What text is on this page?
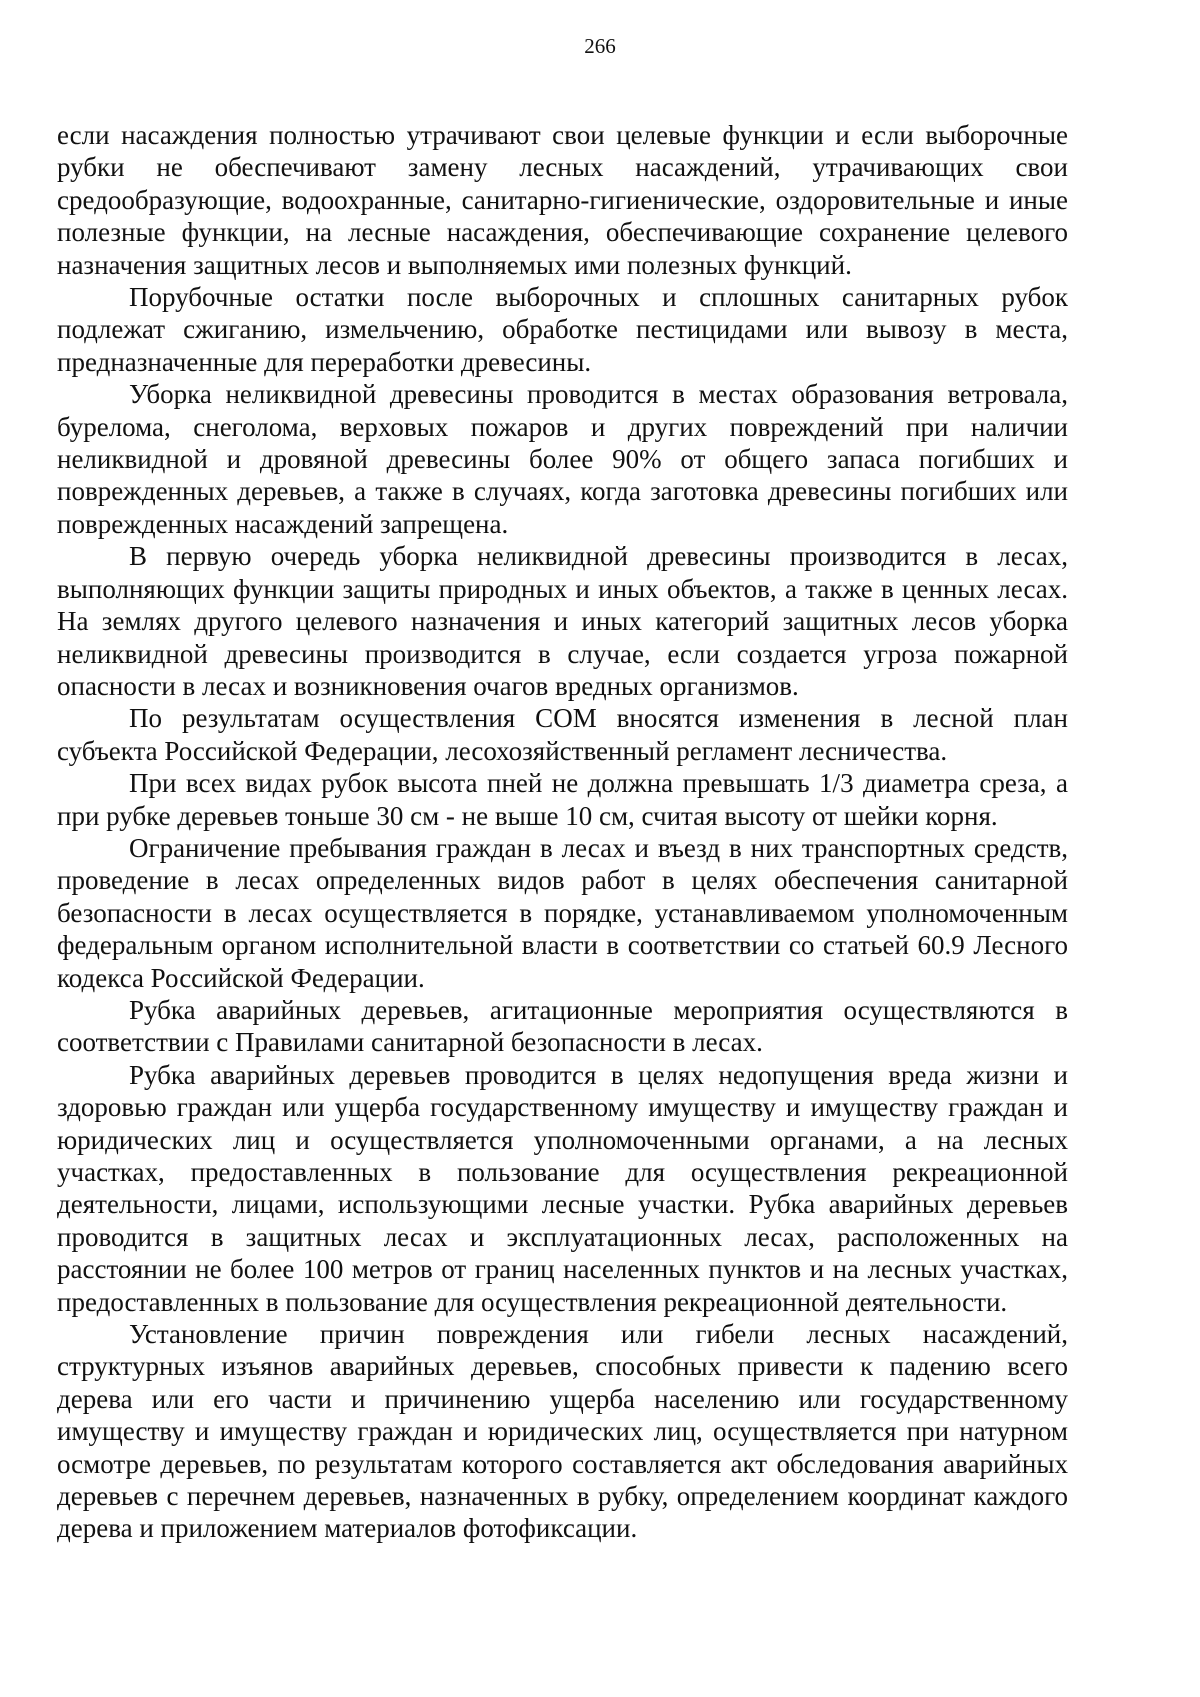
266

если насаждения полностью утрачивают свои целевые функции и если выборочные рубки не обеспечивают замену лесных насаждений, утрачивающих свои средообразующие, водоохранные, санитарно-гигиенические, оздоровительные и иные полезные функции, на лесные насаждения, обеспечивающие сохранение целевого назначения защитных лесов и выполняемых ими полезных функций.

Порубочные остатки после выборочных и сплошных санитарных рубок подлежат сжиганию, измельчению, обработке пестицидами или вывозу в места, предназначенные для переработки древесины.

Уборка неликвидной древесины проводится в местах образования ветровала, бурелома, снеголома, верховых пожаров и других повреждений при наличии неликвидной и дровяной древесины более 90% от общего запаса погибших и поврежденных деревьев, а также в случаях, когда заготовка древесины погибших или поврежденных насаждений запрещена.

В первую очередь уборка неликвидной древесины производится в лесах, выполняющих функции защиты природных и иных объектов, а также в ценных лесах. На землях другого целевого назначения и иных категорий защитных лесов уборка неликвидной древесины производится в случае, если создается угроза пожарной опасности в лесах и возникновения очагов вредных организмов.

По результатам осуществления СОМ вносятся изменения в лесной план субъекта Российской Федерации, лесохозяйственный регламент лесничества.

При всех видах рубок высота пней не должна превышать 1/3 диаметра среза, а при рубке деревьев тоньше 30 см - не выше 10 см, считая высоту от шейки корня.

Ограничение пребывания граждан в лесах и въезд в них транспортных средств, проведение в лесах определенных видов работ в целях обеспечения санитарной безопасности в лесах осуществляется в порядке, устанавливаемом уполномоченным федеральным органом исполнительной власти в соответствии со статьей 60.9 Лесного кодекса Российской Федерации.

Рубка аварийных деревьев, агитационные мероприятия осуществляются в соответствии с Правилами санитарной безопасности в лесах.

Рубка аварийных деревьев проводится в целях недопущения вреда жизни и здоровью граждан или ущерба государственному имуществу и имуществу граждан и юридических лиц и осуществляется уполномоченными органами, а на лесных участках, предоставленных в пользование для осуществления рекреационной деятельности, лицами, использующими лесные участки. Рубка аварийных деревьев проводится в защитных лесах и эксплуатационных лесах, расположенных на расстоянии не более 100 метров от границ населенных пунктов и на лесных участках, предоставленных в пользование для осуществления рекреационной деятельности.

Установление причин повреждения или гибели лесных насаждений, структурных изъянов аварийных деревьев, способных привести к падению всего дерева или его части и причинению ущерба населению или государственному имуществу и имуществу граждан и юридических лиц, осуществляется при натурном осмотре деревьев, по результатам которого составляется акт обследования аварийных деревьев с перечнем деревьев, назначенных в рубку, определением координат каждого дерева и приложением материалов фотофиксации.
